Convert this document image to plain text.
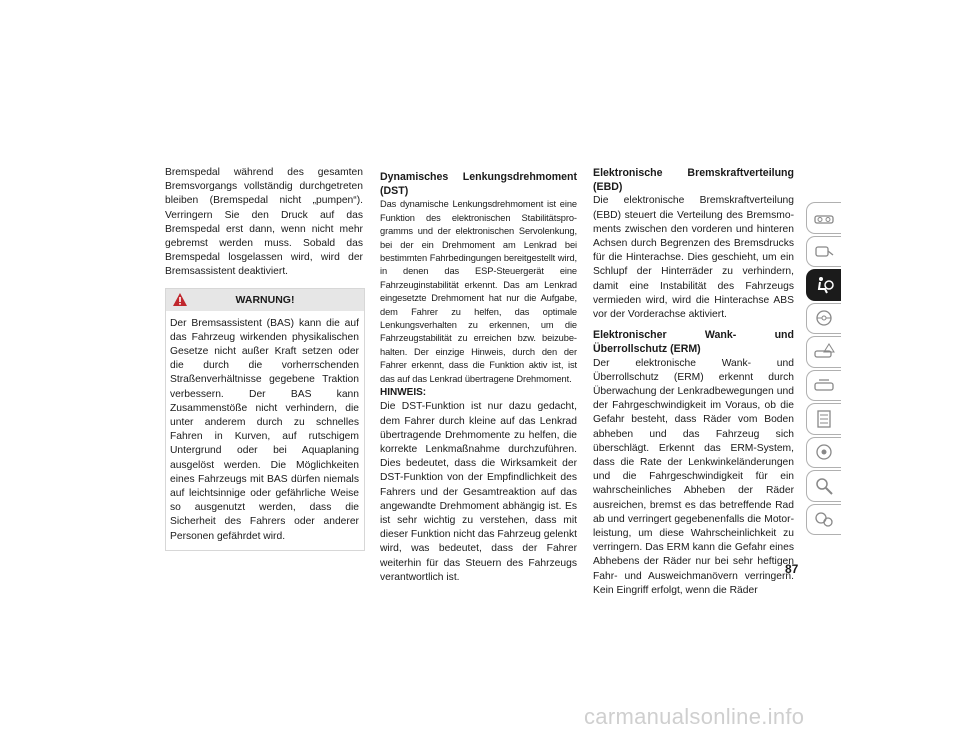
Bremspedal während des gesamten Bremsvorgangs vollständig durchgetreten bleiben (Bremspedal nicht „pumpen“). Verringern Sie den Druck auf das Bremspedal erst dann, wenn nicht mehr gebremst werden muss. Sobald das Bremspedal losgelassen wird, wird der Bremsassistent deaktiviert.

WARNUNG!
Der Bremsassistent (BAS) kann die auf das Fahrzeug wirkenden physikalischen Gesetze nicht außer Kraft setzen oder die durch die vorherrschenden Straßenverhältnisse gegebene Traktion verbessern. Der BAS kann Zusammenstöße nicht verhindern, die unter anderem durch zu schnelles Fahren in Kurven, auf rutschigem Untergrund oder bei Aquaplaning ausgelöst werden. Die Möglichkeiten eines Fahrzeugs mit BAS dürfen niemals auf leichtsinnige oder gefährliche Weise so ausgenutzt werden, dass die Sicherheit des Fahrers oder anderer Personen gefährdet wird.

Dynamisches Lenkungsdrehmoment (DST)

Das dynamische Lenkungsdrehmoment ist eine Funktion des elektronischen Stabilitätsprogramms und der elektronischen Servolenkung, bei der ein Drehmoment am Lenkrad bei bestimmten Fahrbedingungen bereitgestellt wird, in denen das ESP-Steuergerät eine Fahrzeuginstabilität erkennt. Das am Lenkrad eingesetzte Drehmoment hat nur die Aufgabe, dem Fahrer zu helfen, das optimale Lenkungsverhalten zu erkennen, um die Fahrzeugstabilität zu erreichen bzw. beizubehalten. Der einzige Hinweis, durch den der Fahrer erkennt, dass die Funktion aktiv ist, ist das auf das Lenkrad übertragene Drehmoment.

HINWEIS:

Die DST-Funktion ist nur dazu gedacht, dem Fahrer durch kleine auf das Lenkrad übertragende Drehmomente zu helfen, die korrekte Lenkmaßnahme durchzuführen. Dies bedeutet, dass die Wirksamkeit der DST-Funktion von der Empfindlichkeit des Fahrers und der Gesamtreaktion auf das angewandte Drehmoment abhängig ist. Es ist sehr wichtig zu verstehen, dass mit dieser Funktion nicht das Fahrzeug gelenkt wird, was bedeutet, dass der Fahrer weiterhin für das Steuern des Fahrzeugs verantwortlich ist.

Elektronische Bremskraftverteilung (EBD)

Die elektronische Bremskraftverteilung (EBD) steuert die Verteilung des Bremsmoments zwischen den vorderen und hinteren Achsen durch Begrenzen des Bremsdrucks für die Hinterachse. Dies geschieht, um ein Schlupf der Hinterräder zu verhindern, damit eine Instabilität des Fahrzeugs vermieden wird, wird die Hinterachse ABS vor der Vorderachse aktiviert.

Elektronischer Wank- und Überrollschutz (ERM)

Der elektronische Wank- und Überrollschutz (ERM) erkennt durch Überwachung der Lenkradbewegungen und der Fahrgeschwindigkeit im Voraus, ob die Gefahr besteht, dass Räder vom Boden abheben und das Fahrzeug sich überschlägt. Erkennt das ERM-System, dass die Rate der Lenkwinkeländerungen und die Fahrgeschwindigkeit für ein wahrscheinliches Abheben der Räder ausreichen, bremst es das betreffende Rad ab und verringert gegebenenfalls die Motorleistung, um diese Wahrscheinlichkeit zu verringern. Das ERM kann die Gefahr eines Abhebens der Räder nur bei sehr heftigen Fahr- und Ausweichmanövern verringern. Kein Eingriff erfolgt, wenn die Räder

87
carmanualsonline.info
